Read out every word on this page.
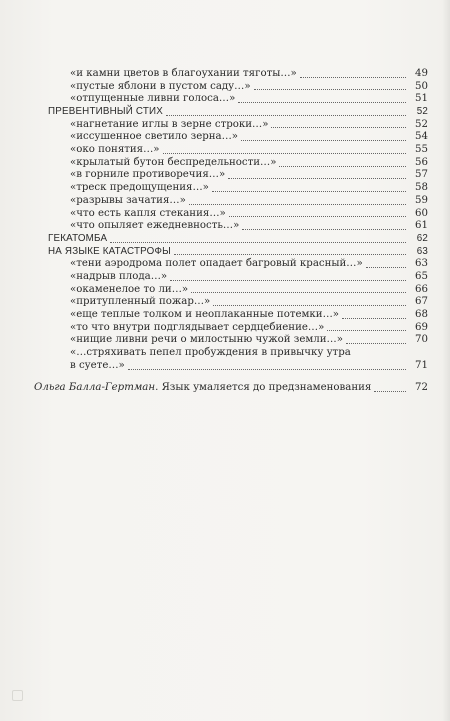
«и камни цветов в благоухании тяготы…»	49
«пустые яблони в пустом саду…»	50
«отпущенные ливни голоса…»	51
ПРЕВЕНТИВНЫЙ СТИХ	52
«нагнетание иглы в зерне строки…»	52
«иссушенное светило зерна…»	54
«око понятия…»	55
«крылатый бутон беспредельности…»	56
«в горниле противоречия…»	57
«треск предощущения…»	58
«разрывы зачатия…»	59
«что есть капля стекания…»	60
«что опыляет ежедневность…»	61
ГЕКАТОМБА	62
НА ЯЗЫКЕ КАТАСТРОФЫ	63
«тени аэродрома полет опадает багровый красный…»	63
«надрыв плода…»	65
«окаменелое то ли…»	66
«притупленный пожар…»	67
«еще теплые толком и неоплаканные потемки…»	68
«то что внутри подглядывает сердцебиение…»	69
«нищие ливни речи о милостыню чужой земли…»	70
«…стряхивать пепел пробуждения в привычку утра
в суете…»	71
Ольга Балла-Гертман. Язык умаляется до предзнаменования	72
